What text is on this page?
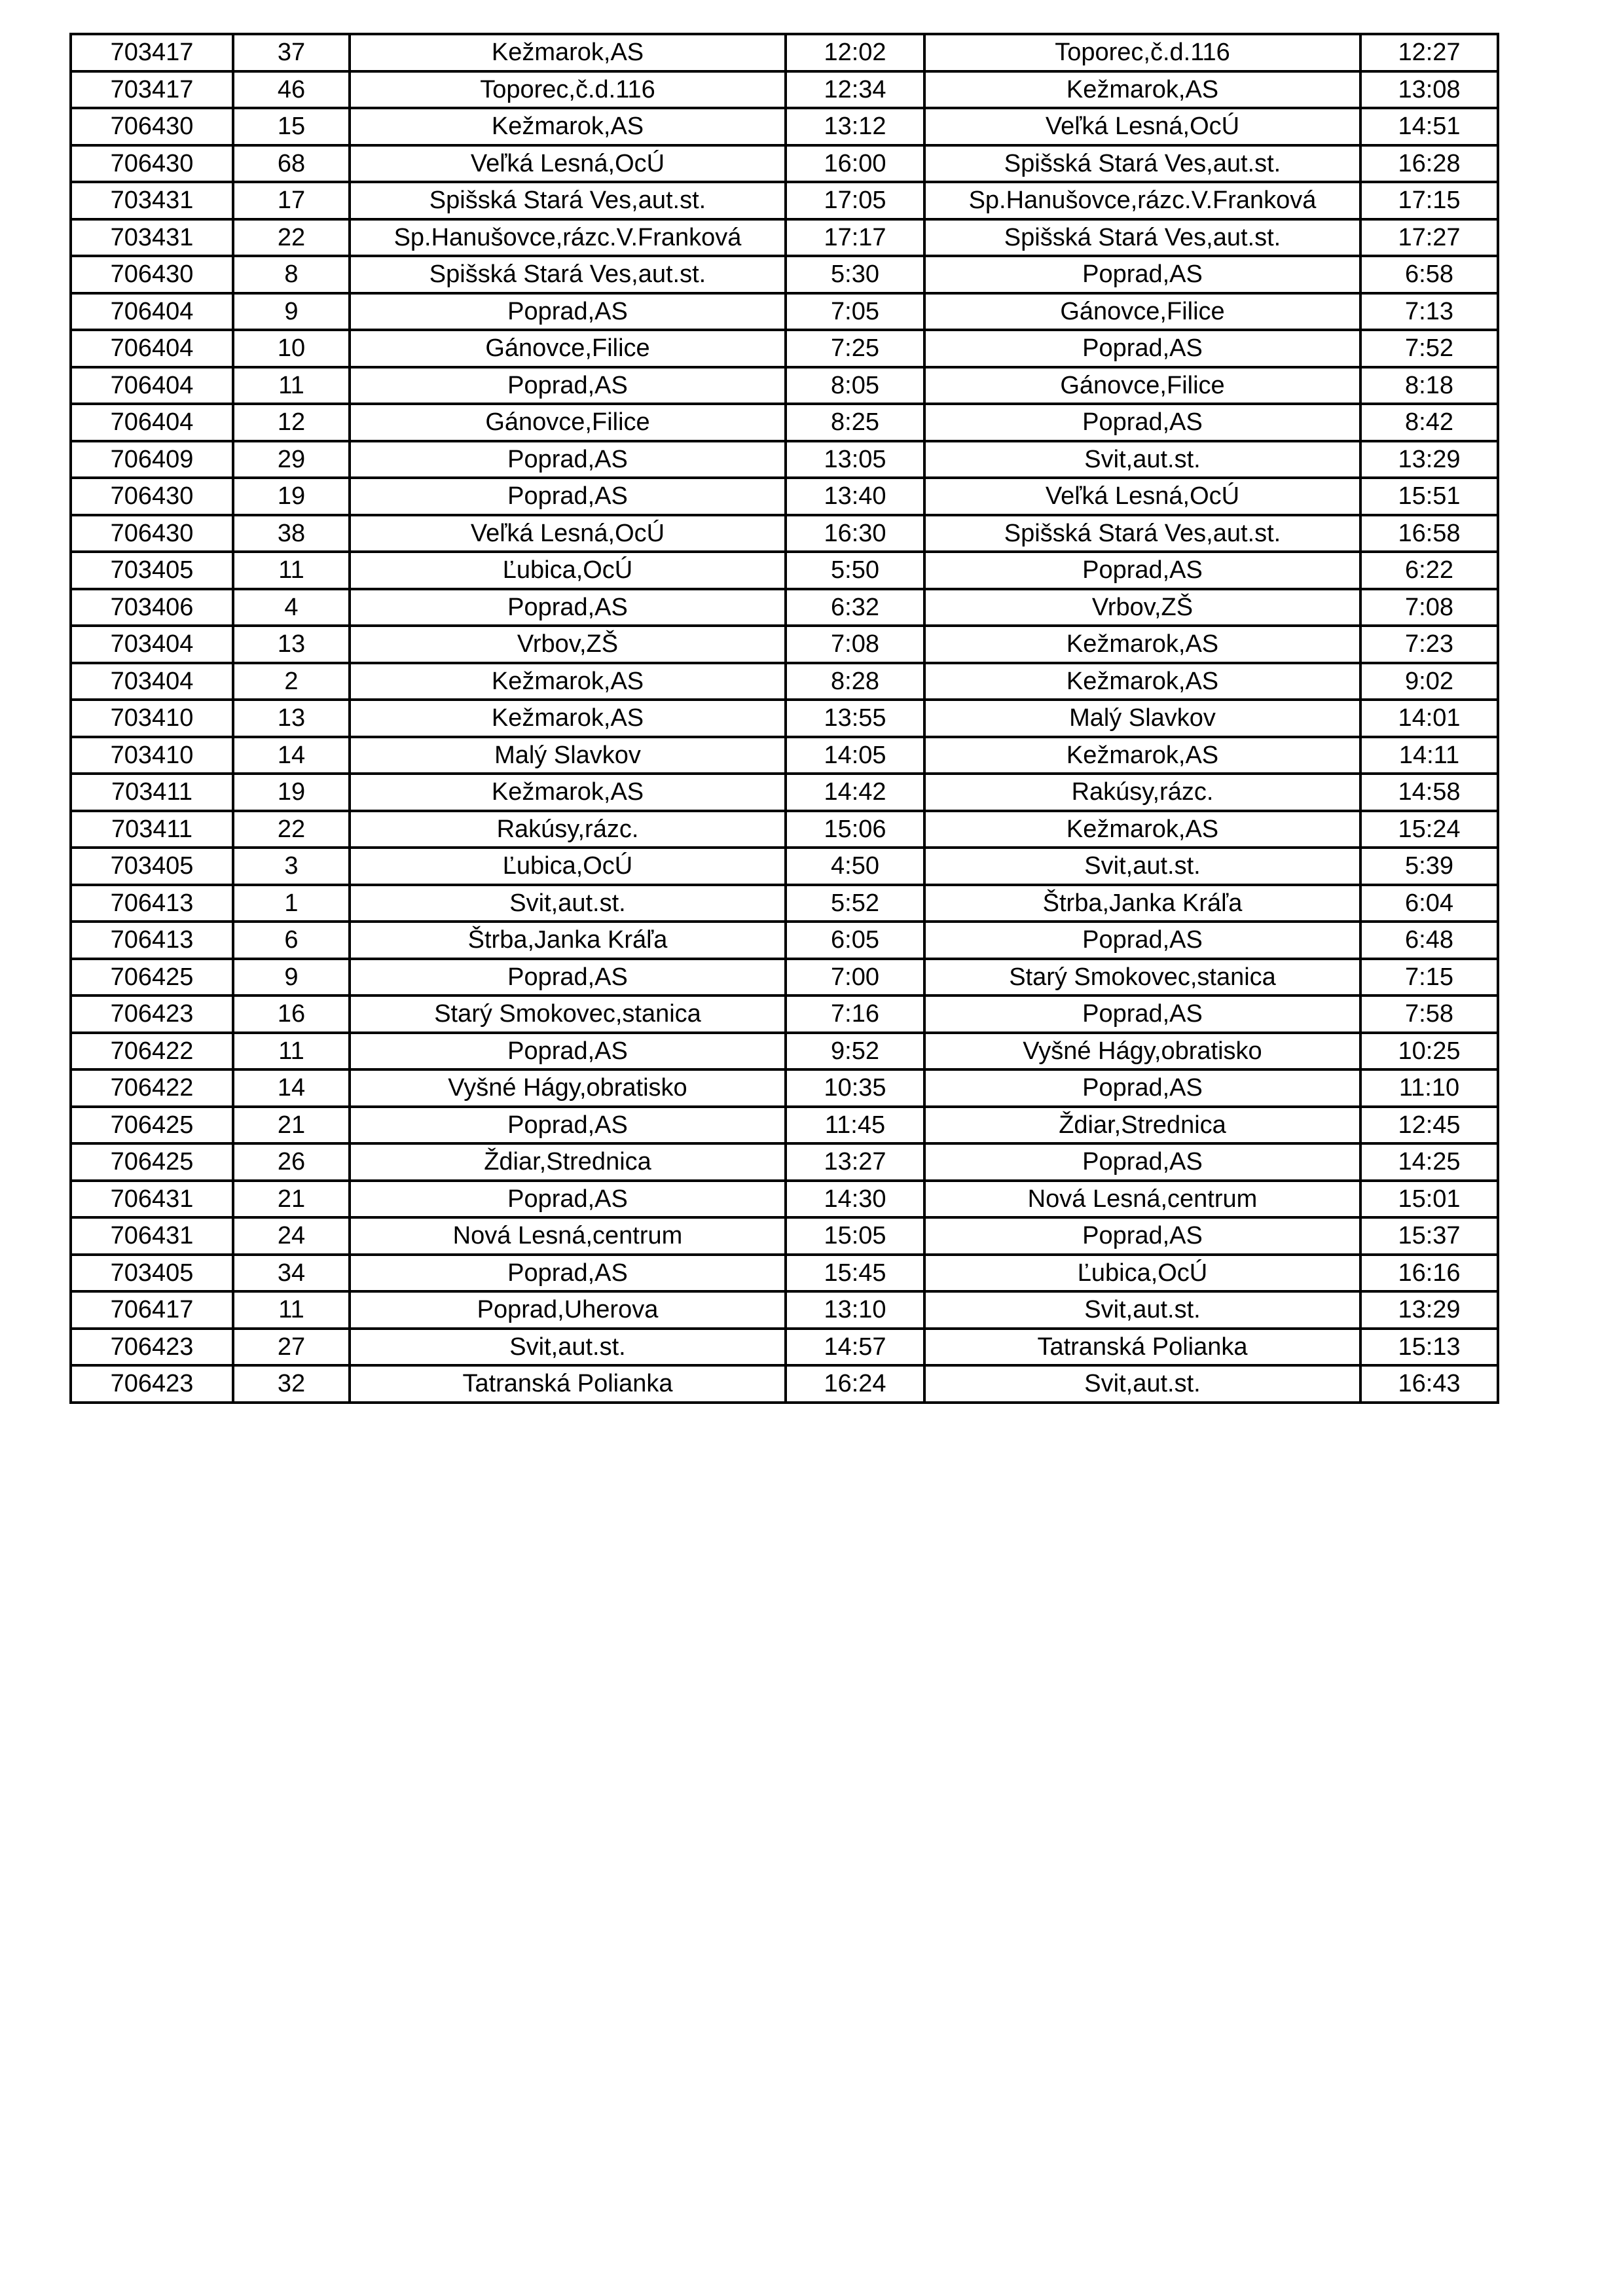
703417	37	Kežmarok,AS	12:02	Toporec,č.d.116	12:27
703417	46	Toporec,č.d.116	12:34	Kežmarok,AS	13:08
706430	15	Kežmarok,AS	13:12	Veľká Lesná,OcÚ	14:51
706430	68	Veľká Lesná,OcÚ	16:00	Spišská Stará Ves,aut.st.	16:28
703431	17	Spišská Stará Ves,aut.st.	17:05	Sp.Hanušovce,rázc.V.Franková	17:15
703431	22	Sp.Hanušovce,rázc.V.Franková	17:17	Spišská Stará Ves,aut.st.	17:27
706430	8	Spišská Stará Ves,aut.st.	5:30	Poprad,AS	6:58
706404	9	Poprad,AS	7:05	Gánovce,Filice	7:13
706404	10	Gánovce,Filice	7:25	Poprad,AS	7:52
706404	11	Poprad,AS	8:05	Gánovce,Filice	8:18
706404	12	Gánovce,Filice	8:25	Poprad,AS	8:42
706409	29	Poprad,AS	13:05	Svit,aut.st.	13:29
706430	19	Poprad,AS	13:40	Veľká Lesná,OcÚ	15:51
706430	38	Veľká Lesná,OcÚ	16:30	Spišská Stará Ves,aut.st.	16:58
703405	11	Ľubica,OcÚ	5:50	Poprad,AS	6:22
703406	4	Poprad,AS	6:32	Vrbov,ZŠ	7:08
703404	13	Vrbov,ZŠ	7:08	Kežmarok,AS	7:23
703404	2	Kežmarok,AS	8:28	Kežmarok,AS	9:02
703410	13	Kežmarok,AS	13:55	Malý Slavkov	14:01
703410	14	Malý Slavkov	14:05	Kežmarok,AS	14:11
703411	19	Kežmarok,AS	14:42	Rakúsy,rázc.	14:58
703411	22	Rakúsy,rázc.	15:06	Kežmarok,AS	15:24
703405	3	Ľubica,OcÚ	4:50	Svit,aut.st.	5:39
706413	1	Svit,aut.st.	5:52	Štrba,Janka Kráľa	6:04
706413	6	Štrba,Janka Kráľa	6:05	Poprad,AS	6:48
706425	9	Poprad,AS	7:00	Starý Smokovec,stanica	7:15
706423	16	Starý Smokovec,stanica	7:16	Poprad,AS	7:58
706422	11	Poprad,AS	9:52	Vyšné Hágy,obratisko	10:25
706422	14	Vyšné Hágy,obratisko	10:35	Poprad,AS	11:10
706425	21	Poprad,AS	11:45	Ždiar,Strednica	12:45
706425	26	Ždiar,Strednica	13:27	Poprad,AS	14:25
706431	21	Poprad,AS	14:30	Nová Lesná,centrum	15:01
706431	24	Nová Lesná,centrum	15:05	Poprad,AS	15:37
703405	34	Poprad,AS	15:45	Ľubica,OcÚ	16:16
706417	11	Poprad,Uherova	13:10	Svit,aut.st.	13:29
706423	27	Svit,aut.st.	14:57	Tatranská Polianka	15:13
706423	32	Tatranská Polianka	16:24	Svit,aut.st.	16:43
